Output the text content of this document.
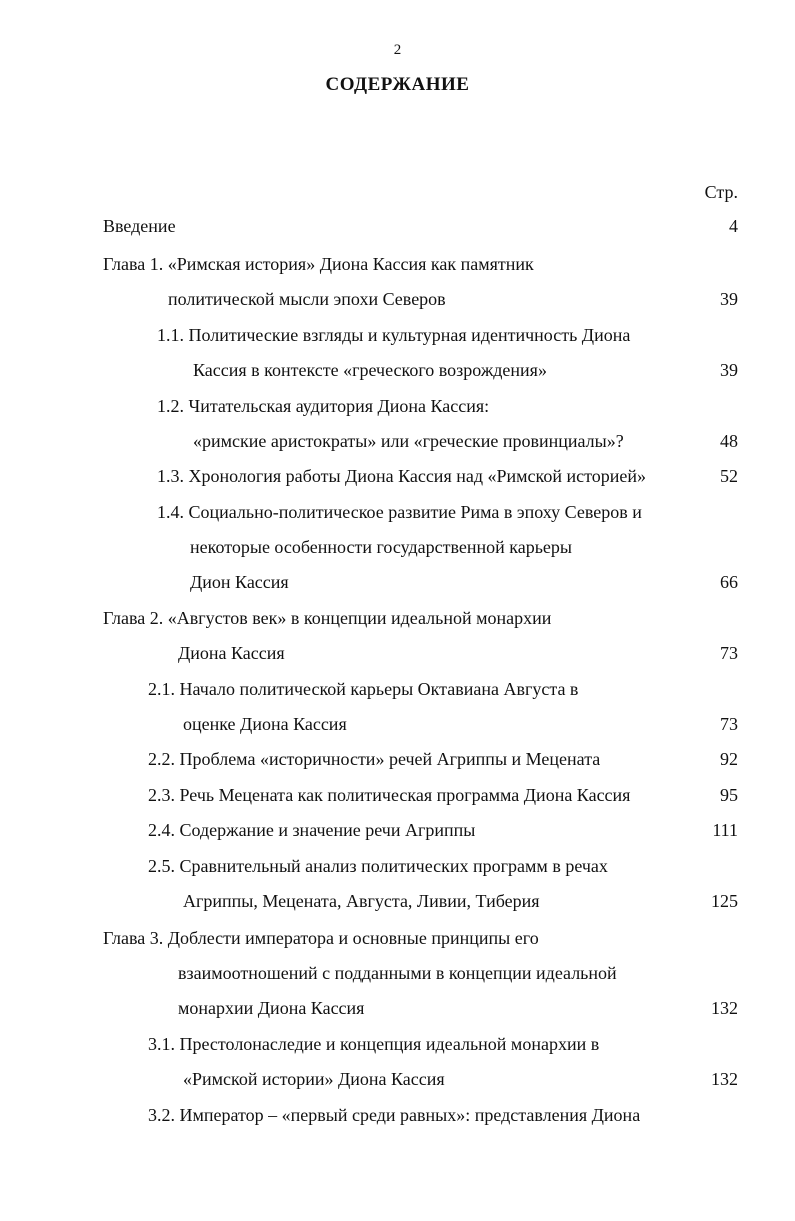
2
СОДЕРЖАНИЕ
Стр.
Введение	4
Глава 1. «Римская история» Диона Кассия как памятник
политической мысли эпохи Северов	39
1.1. Политические взгляды и культурная идентичность Диона
Кассия в контексте «греческого возрождения»	39
1.2. Читательская аудитория Диона Кассия:
«римские аристократы» или «греческие провинциалы»?	48
1.3. Хронология работы Диона Кассия над «Римской историей»	52
1.4. Социально-политическое развитие Рима в эпоху Северов и
некоторые особенности государственной карьеры
Дион Кассия	66
Глава 2. «Августов век» в концепции идеальной монархии
Диона Кассия	73
2.1. Начало политической карьеры Октавиана Августа в
оценке Диона Кассия	73
2.2. Проблема «историчности» речей Агриппы и Мецената	92
2.3. Речь Мецената как политическая программа Диона Кассия	95
2.4. Содержание и значение речи Агриппы	111
2.5. Сравнительный анализ политических программ в речах
Агриппы, Мецената, Августа, Ливии, Тиберия	125
Глава 3. Доблести императора и основные принципы его
взаимоотношений с подданными в концепции идеальной
монархии Диона Кассия	132
3.1. Престолонаследие и концепция идеальной монархии в
«Римской истории» Диона Кассия	132
3.2. Император – «первый среди равных»: представления Диона
